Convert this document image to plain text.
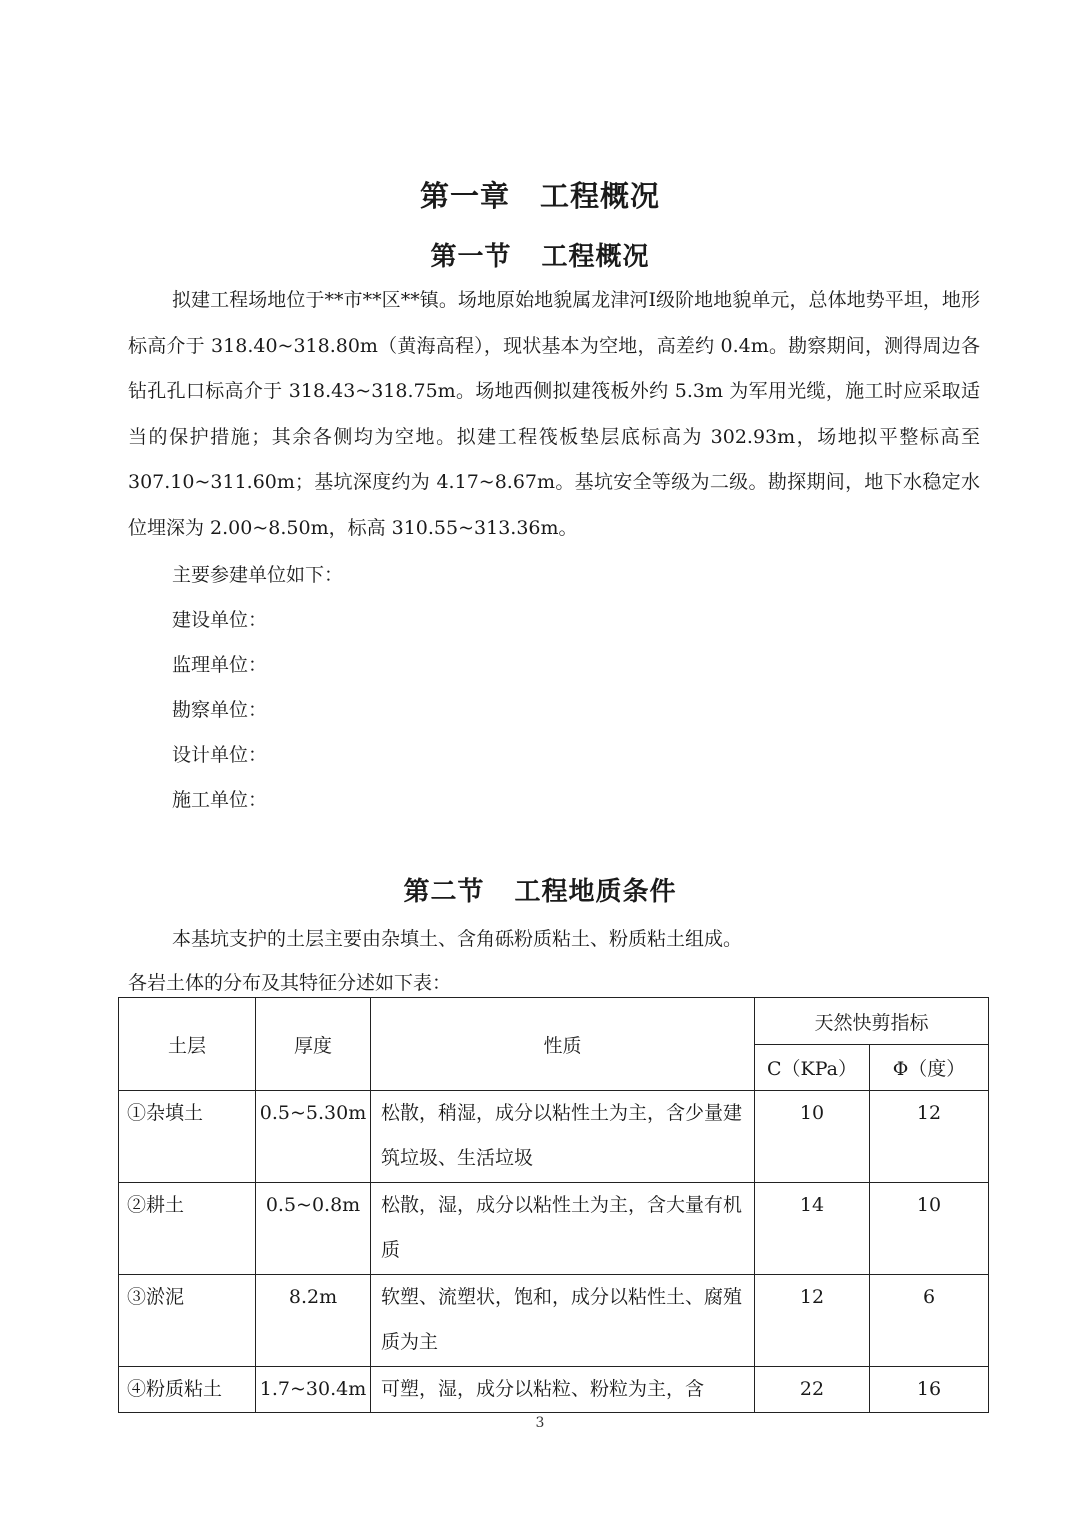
第一章 工程概况
第一节 工程概况

拟建工程场地位于**市**区**镇。场地原始地貌属龙津河Ⅰ级阶地地貌单元，总体地势平坦，地形标高介于 318.40~318.80m（黄海高程），现状基本为空地，高差约 0.4m。勘察期间，测得周边各钻孔孔口标高介于 318.43~318.75m。场地西侧拟建筏板外约 5.3m 为军用光缆，施工时应采取适当的保护措施；其余各侧均为空地。拟建工程筏板垫层底标高为 302.93m，场地拟平整标高至 307.10~311.60m；基坑深度约为 4.17~8.67m。基坑安全等级为二级。勘探期间，地下水稳定水位埋深为 2.00~8.50m，标高 310.55~313.36m。

主要参建单位如下：
建设单位：
监理单位：
勘察单位：
设计单位：
施工单位：
第二节 工程地质条件
本基坑支护的土层主要由杂填土、含角砾粉质粘土、粉质粘土组成。
各岩土体的分布及其特征分述如下表：
土层	厚度	性质	天然快剪指标	
			C（KPa）	Φ（度）
①杂填土	0.5~5.30m	松散，稍湿，成分以粘性土为主，含少量建筑垃圾、生活垃圾	10	12
②耕土	0.5~0.8m	松散，湿，成分以粘性土为主，含大量有机质	14	10
③淤泥	8.2m	软塑、流塑状，饱和，成分以粘性土、腐殖质为主	12	6
④粉质粘土	1.7~30.4m	可塑，湿，成分以粘粒、粉粒为主，含	22	16
3
